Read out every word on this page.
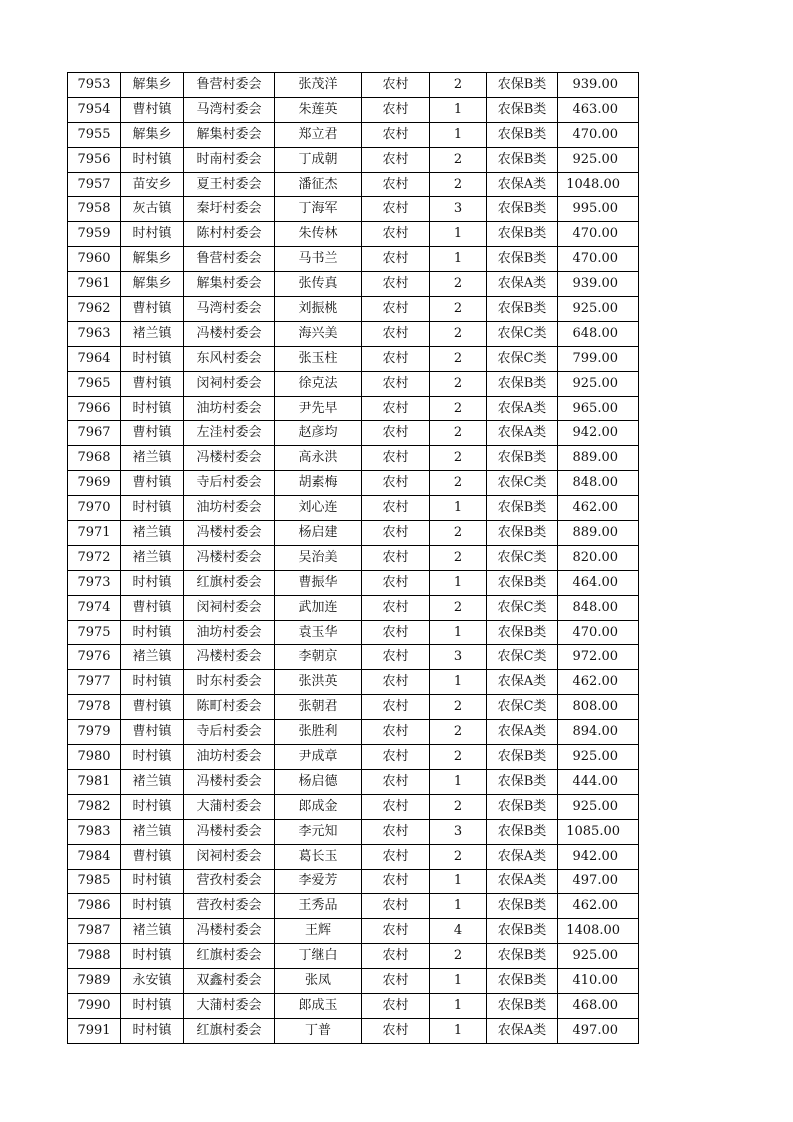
7953	解集乡	鲁营村委会	张茂洋	农村	2	农保B类	939.00
7954	曹村镇	马湾村委会	朱莲英	农村	1	农保B类	463.00
7955	解集乡	解集村委会	郑立君	农村	1	农保B类	470.00
7956	时村镇	时南村委会	丁成朝	农村	2	农保B类	925.00
7957	苗安乡	夏王村委会	潘征杰	农村	2	农保A类	1048.00
7958	灰古镇	秦圩村委会	丁海军	农村	3	农保B类	995.00
7959	时村镇	陈村村委会	朱传林	农村	1	农保B类	470.00
7960	解集乡	鲁营村委会	马书兰	农村	1	农保B类	470.00
7961	解集乡	解集村委会	张传真	农村	2	农保A类	939.00
7962	曹村镇	马湾村委会	刘振桃	农村	2	农保B类	925.00
7963	褚兰镇	冯楼村委会	海兴美	农村	2	农保C类	648.00
7964	时村镇	东风村委会	张玉柱	农村	2	农保C类	799.00
7965	曹村镇	闵祠村委会	徐克法	农村	2	农保B类	925.00
7966	时村镇	油坊村委会	尹先早	农村	2	农保A类	965.00
7967	曹村镇	左洼村委会	赵彦均	农村	2	农保A类	942.00
7968	褚兰镇	冯楼村委会	高永洪	农村	2	农保B类	889.00
7969	曹村镇	寺后村委会	胡素梅	农村	2	农保C类	848.00
7970	时村镇	油坊村委会	刘心连	农村	1	农保B类	462.00
7971	褚兰镇	冯楼村委会	杨启建	农村	2	农保B类	889.00
7972	褚兰镇	冯楼村委会	吴治美	农村	2	农保C类	820.00
7973	时村镇	红旗村委会	曹振华	农村	1	农保B类	464.00
7974	曹村镇	闵祠村委会	武加连	农村	2	农保C类	848.00
7975	时村镇	油坊村委会	袁玉华	农村	1	农保B类	470.00
7976	褚兰镇	冯楼村委会	李朝京	农村	3	农保C类	972.00
7977	时村镇	时东村委会	张洪英	农村	1	农保A类	462.00
7978	曹村镇	陈町村委会	张朝君	农村	2	农保C类	808.00
7979	曹村镇	寺后村委会	张胜利	农村	2	农保A类	894.00
7980	时村镇	油坊村委会	尹成章	农村	2	农保B类	925.00
7981	褚兰镇	冯楼村委会	杨启德	农村	1	农保B类	444.00
7982	时村镇	大蒲村委会	郎成金	农村	2	农保B类	925.00
7983	褚兰镇	冯楼村委会	李元知	农村	3	农保B类	1085.00
7984	曹村镇	闵祠村委会	葛长玉	农村	2	农保A类	942.00
7985	时村镇	营孜村委会	李爱芳	农村	1	农保A类	497.00
7986	时村镇	营孜村委会	王秀品	农村	1	农保B类	462.00
7987	褚兰镇	冯楼村委会	王辉	农村	4	农保B类	1408.00
7988	时村镇	红旗村委会	丁继白	农村	2	农保B类	925.00
7989	永安镇	双鑫村委会	张凤	农村	1	农保B类	410.00
7990	时村镇	大蒲村委会	郎成玉	农村	1	农保B类	468.00
7991	时村镇	红旗村委会	丁普	农村	1	农保A类	497.00
